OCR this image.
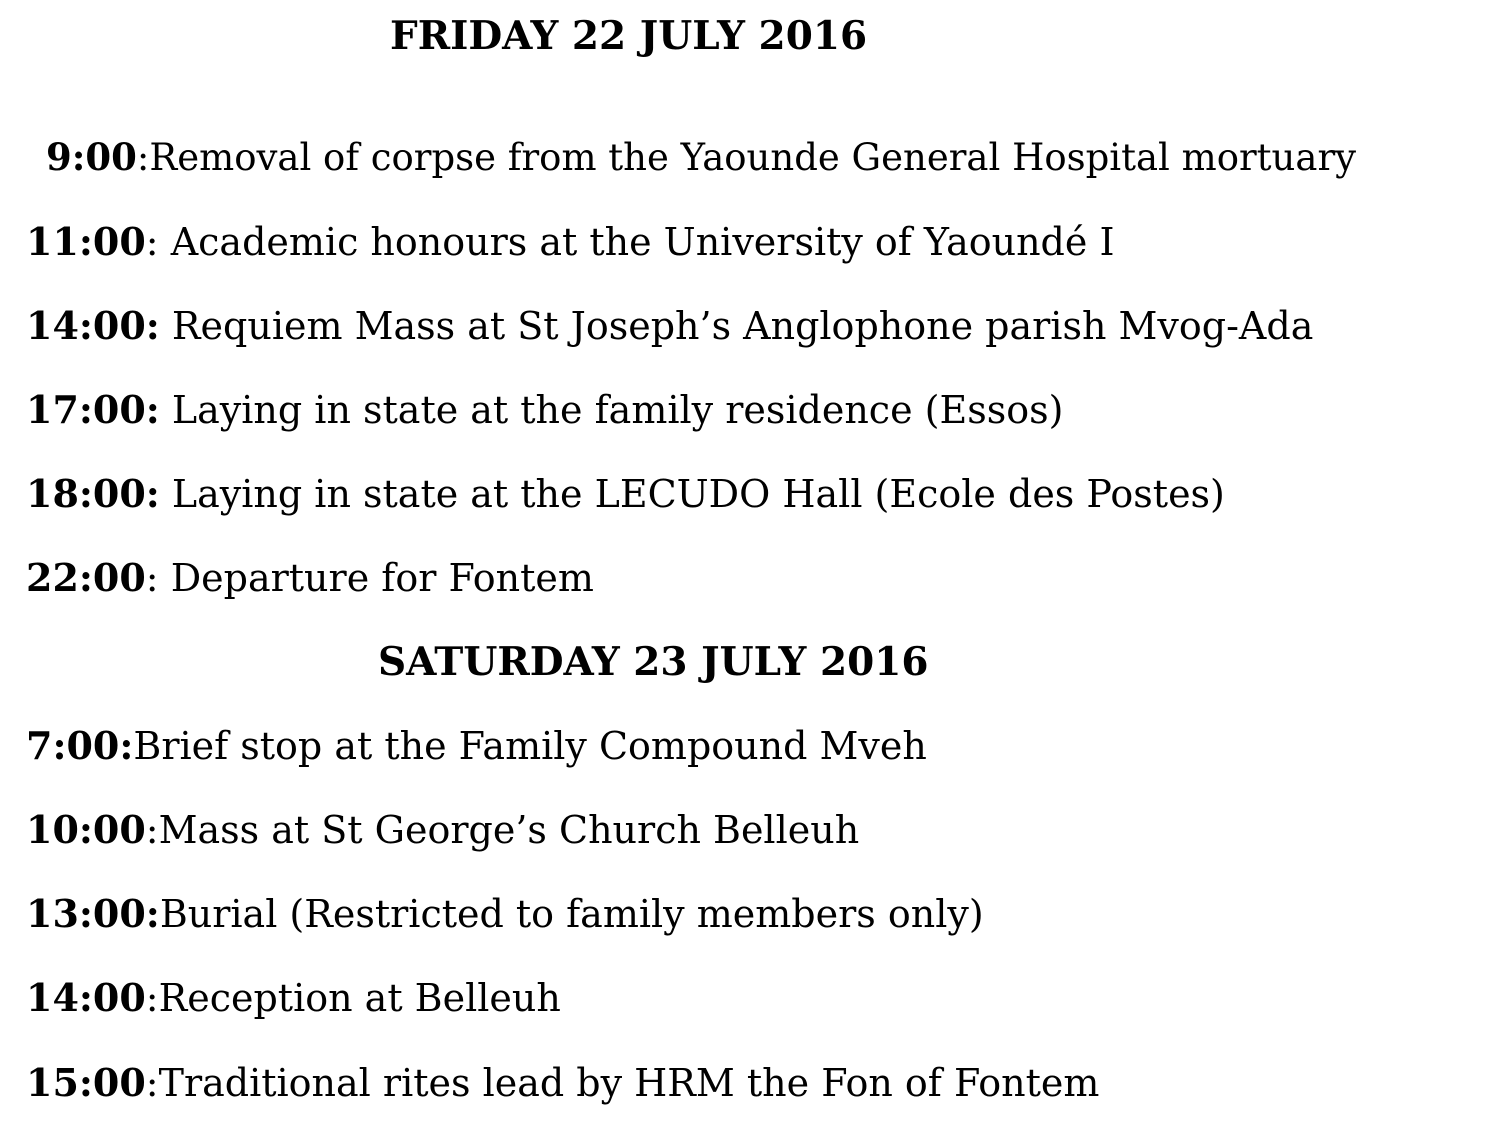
FRIDAY 22 JULY 2016

9:00:Removal of corpse from the Yaounde General Hospital mortuary

11:00: Academic honours at the University of Yaoundé I

14:00: Requiem Mass at St Joseph’s Anglophone parish Mvog-Ada

17:00: Laying in state at the family residence (Essos)

18:00: Laying in state at the LECUDO Hall (Ecole des Postes)

22:00: Departure for Fontem

SATURDAY 23 JULY 2016

7:00:Brief stop at the Family Compound Mveh

10:00:Mass at St George’s Church Belleuh

13:00:Burial (Restricted to family members only)

14:00:Reception at Belleuh

15:00:Traditional rites lead by HRM the Fon of Fontem
